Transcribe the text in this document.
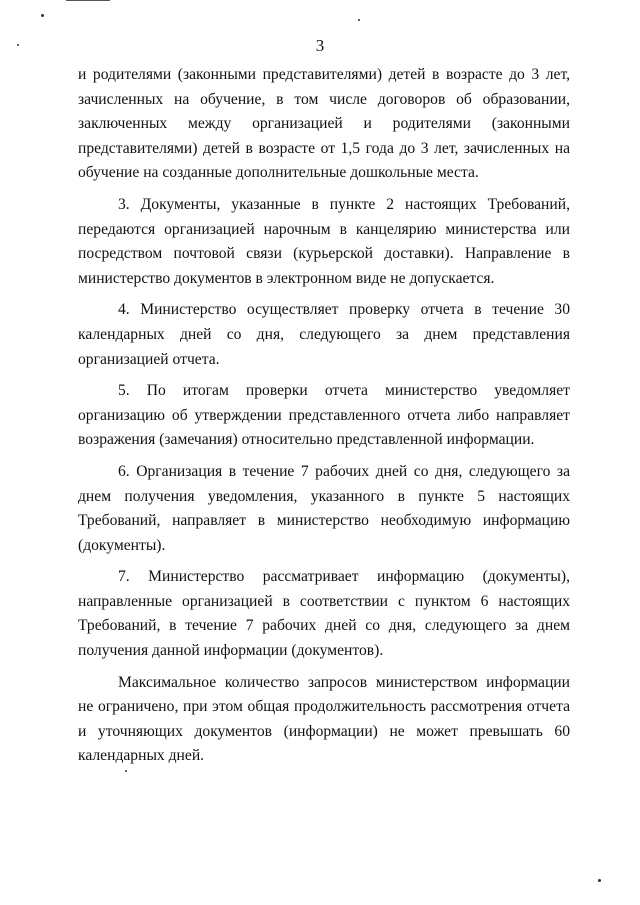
3

и родителями (законными представителями) детей в возрасте до 3 лет, зачисленных на обучение, в том числе договоров об образовании, заключенных между организацией и родителями (законными представителями) детей в возрасте от 1,5 года до 3 лет, зачисленных на обучение на созданные дополнительные дошкольные места.

3. Документы, указанные в пункте 2 настоящих Требований, передаются организацией нарочным в канцелярию министерства или посредством почтовой связи (курьерской доставки). Направление в министерство документов в электронном виде не допускается.

4. Министерство осуществляет проверку отчета в течение 30 календарных дней со дня, следующего за днем представления организацией отчета.

5. По итогам проверки отчета министерство уведомляет организацию об утверждении представленного отчета либо направляет возражения (замечания) относительно представленной информации.

6. Организация в течение 7 рабочих дней со дня, следующего за днем получения уведомления, указанного в пункте 5 настоящих Требований, направляет в министерство необходимую информацию (документы).

7. Министерство рассматривает информацию (документы), направленные организацией в соответствии с пунктом 6 настоящих Требований, в течение 7 рабочих дней со дня, следующего за днем получения данной информации (документов).

Максимальное количество запросов министерством информации не ограничено, при этом общая продолжительность рассмотрения отчета и уточняющих документов (информации) не может превышать 60 календарных дней.
